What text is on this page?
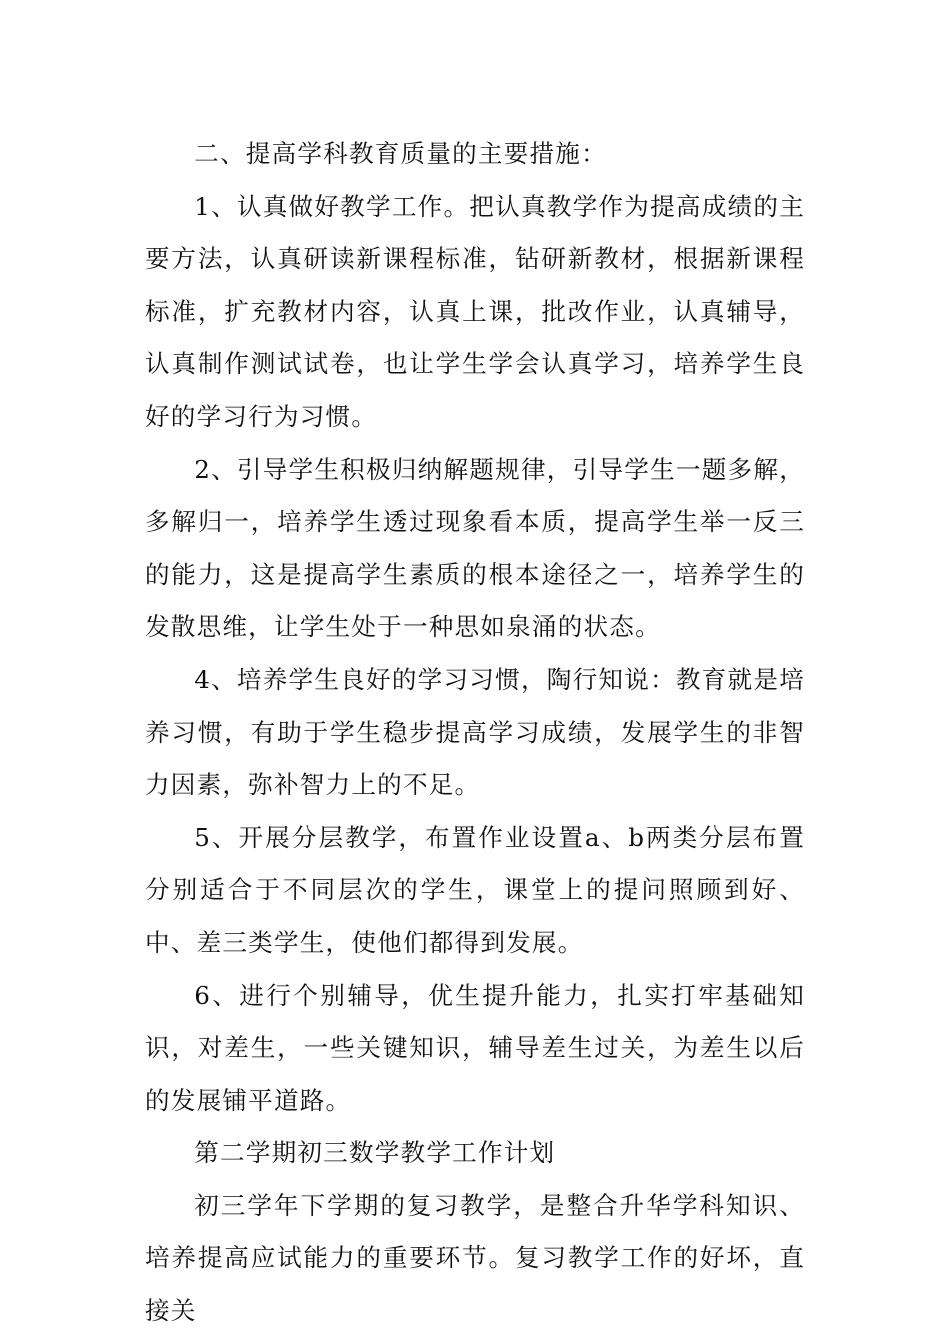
二、提高学科教育质量的主要措施：

1、认真做好教学工作。把认真教学作为提高成绩的主要方法，认真研读新课程标准，钻研新教材，根据新课程标准，扩充教材内容，认真上课，批改作业，认真辅导，认真制作测试试卷，也让学生学会认真学习，培养学生良好的学习行为习惯。

2、引导学生积极归纳解题规律，引导学生一题多解，多解归一，培养学生透过现象看本质，提高学生举一反三的能力，这是提高学生素质的根本途径之一，培养学生的发散思维，让学生处于一种思如泉涌的状态。

4、培养学生良好的学习习惯，陶行知说：教育就是培养习惯，有助于学生稳步提高学习成绩，发展学生的非智力因素，弥补智力上的不足。

5、开展分层教学，布置作业设置a、b两类分层布置分别适合于不同层次的学生，课堂上的提问照顾到好、中、差三类学生，使他们都得到发展。

6、进行个别辅导，优生提升能力，扎实打牢基础知识，对差生，一些关键知识，辅导差生过关，为差生以后的发展铺平道路。

第二学期初三数学教学工作计划

初三学年下学期的复习教学，是整合升华学科知识、培养提高应试能力的重要环节。复习教学工作的好坏，直接关
